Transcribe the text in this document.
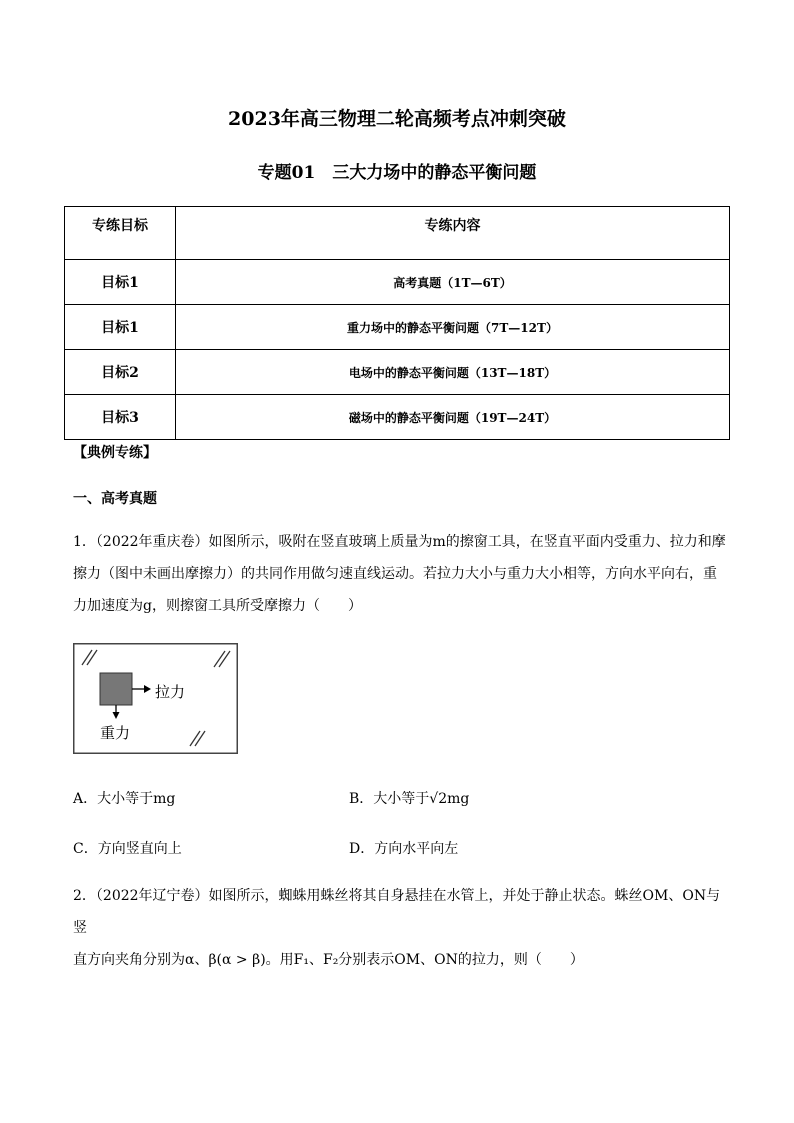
2023年高三物理二轮高频考点冲刺突破
专题01　三大力场中的静态平衡问题
专练目标	专练内容
目标1	高考真题（1T—6T）
目标1	重力场中的静态平衡问题（7T—12T）
目标2	电场中的静态平衡问题（13T—18T）
目标3	磁场中的静态平衡问题（19T—24T）
【典例专练】
一、高考真题
1．（2022年重庆卷）如图所示，吸附在竖直玻璃上质量为m的擦窗工具，在竖直平面内受重力、拉力和摩
擦力（图中未画出摩擦力）的共同作用做匀速直线运动。若拉力大小与重力大小相等，方向水平向右，重
力加速度为g，则擦窗工具所受摩擦力（　　）
拉力
重力
A．大小等于mg	B．大小等于√2mg
C．方向竖直向上	D．方向水平向左
2．（2022年辽宁卷）如图所示，蜘蛛用蛛丝将其自身悬挂在水管上，并处于静止状态。蛛丝OM、ON与竖
直方向夹角分别为α、β(α > β)。用F₁、F₂分别表示OM、ON的拉力，则（　　）
